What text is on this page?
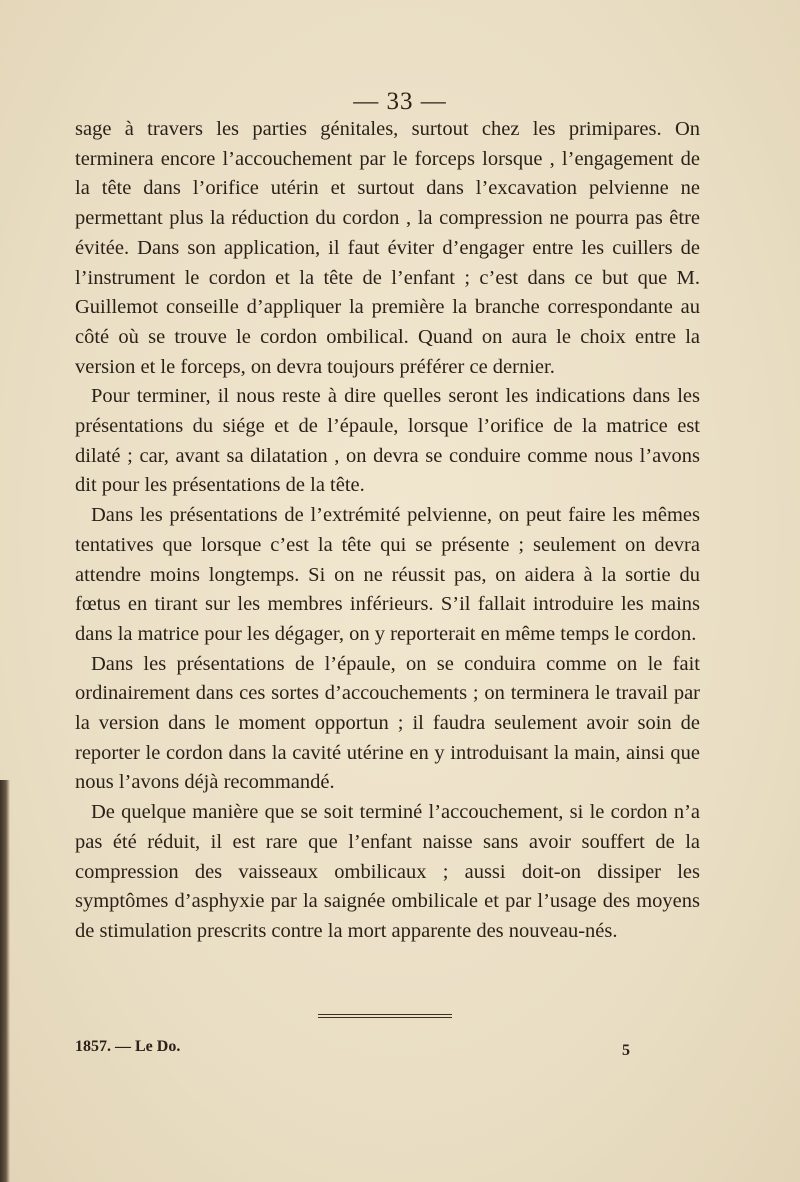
— 33 —

sage à travers les parties génitales, surtout chez les primipares. On terminera encore l’accouchement par le forceps lorsque , l’engagement de la tête dans l’orifice utérin et surtout dans l’excavation pelvienne ne permettant plus la réduction du cordon , la compression ne pourra pas être évitée. Dans son application, il faut éviter d’engager entre les cuillers de l’instrument le cordon et la tête de l’enfant ; c’est dans ce but que M. Guillemot conseille d’appliquer la première la branche correspondante au côté où se trouve le cordon ombilical. Quand on aura le choix entre la version et le forceps, on devra toujours préférer ce dernier.

Pour terminer, il nous reste à dire quelles seront les indications dans les présentations du siége et de l’épaule, lorsque l’orifice de la matrice est dilaté ; car, avant sa dilatation , on devra se conduire comme nous l’avons dit pour les présentations de la tête.

Dans les présentations de l’extrémité pelvienne, on peut faire les mêmes tentatives que lorsque c’est la tête qui se présente ; seulement on devra attendre moins longtemps. Si on ne réussit pas, on aidera à la sortie du fœtus en tirant sur les membres inférieurs. S’il fallait introduire les mains dans la matrice pour les dégager, on y reporterait en même temps le cordon.

Dans les présentations de l’épaule, on se conduira comme on le fait ordinairement dans ces sortes d’accouchements ; on terminera le travail par la version dans le moment opportun ; il faudra seulement avoir soin de reporter le cordon dans la cavité utérine en y introduisant la main, ainsi que nous l’avons déjà recommandé.

De quelque manière que se soit terminé l’accouchement, si le cordon n’a pas été réduit, il est rare que l’enfant naisse sans avoir souffert de la compression des vaisseaux ombilicaux ; aussi doit-on dissiper les symptômes d’asphyxie par la saignée ombilicale et par l’usage des moyens de stimulation prescrits contre la mort apparente des nouveau-nés.

1857. — Le Do.	5
